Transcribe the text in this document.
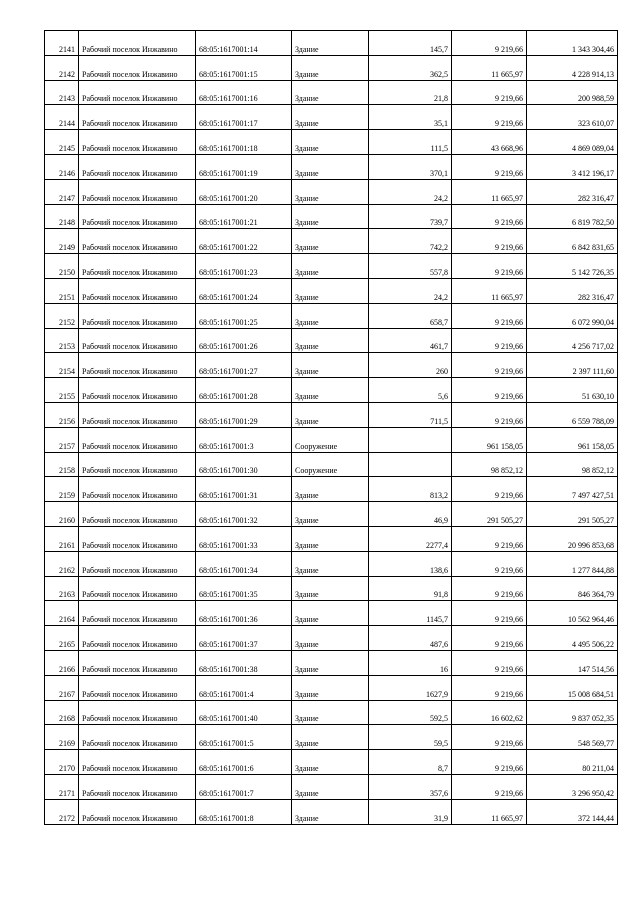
2141	Рабочий поселок Инжавино	68:05:1617001:14	Здание	145,7	9 219,66	1 343 304,46
2142	Рабочий поселок Инжавино	68:05:1617001:15	Здание	362,5	11 665,97	4 228 914,13
2143	Рабочий поселок Инжавино	68:05:1617001:16	Здание	21,8	9 219,66	200 988,59
2144	Рабочий поселок Инжавино	68:05:1617001:17	Здание	35,1	9 219,66	323 610,07
2145	Рабочий поселок Инжавино	68:05:1617001:18	Здание	111,5	43 668,96	4 869 089,04
2146	Рабочий поселок Инжавино	68:05:1617001:19	Здание	370,1	9 219,66	3 412 196,17
2147	Рабочий поселок Инжавино	68:05:1617001:20	Здание	24,2	11 665,97	282 316,47
2148	Рабочий поселок Инжавино	68:05:1617001:21	Здание	739,7	9 219,66	6 819 782,50
2149	Рабочий поселок Инжавино	68:05:1617001:22	Здание	742,2	9 219,66	6 842 831,65
2150	Рабочий поселок Инжавино	68:05:1617001:23	Здание	557,8	9 219,66	5 142 726,35
2151	Рабочий поселок Инжавино	68:05:1617001:24	Здание	24,2	11 665,97	282 316,47
2152	Рабочий поселок Инжавино	68:05:1617001:25	Здание	658,7	9 219,66	6 072 990,04
2153	Рабочий поселок Инжавино	68:05:1617001:26	Здание	461,7	9 219,66	4 256 717,02
2154	Рабочий поселок Инжавино	68:05:1617001:27	Здание	260	9 219,66	2 397 111,60
2155	Рабочий поселок Инжавино	68:05:1617001:28	Здание	5,6	9 219,66	51 630,10
2156	Рабочий поселок Инжавино	68:05:1617001:29	Здание	711,5	9 219,66	6 559 788,09
2157	Рабочий поселок Инжавино	68:05:1617001:3	Сооружение		961 158,05	961 158,05
2158	Рабочий поселок Инжавино	68:05:1617001:30	Сооружение		98 852,12	98 852,12
2159	Рабочий поселок Инжавино	68:05:1617001:31	Здание	813,2	9 219,66	7 497 427,51
2160	Рабочий поселок Инжавино	68:05:1617001:32	Здание	46,9	291 505,27	291 505,27
2161	Рабочий поселок Инжавино	68:05:1617001:33	Здание	2277,4	9 219,66	20 996 853,68
2162	Рабочий поселок Инжавино	68:05:1617001:34	Здание	138,6	9 219,66	1 277 844,88
2163	Рабочий поселок Инжавино	68:05:1617001:35	Здание	91,8	9 219,66	846 364,79
2164	Рабочий поселок Инжавино	68:05:1617001:36	Здание	1145,7	9 219,66	10 562 964,46
2165	Рабочий поселок Инжавино	68:05:1617001:37	Здание	487,6	9 219,66	4 495 506,22
2166	Рабочий поселок Инжавино	68:05:1617001:38	Здание	16	9 219,66	147 514,56
2167	Рабочий поселок Инжавино	68:05:1617001:4	Здание	1627,9	9 219,66	15 008 684,51
2168	Рабочий поселок Инжавино	68:05:1617001:40	Здание	592,5	16 602,62	9 837 052,35
2169	Рабочий поселок Инжавино	68:05:1617001:5	Здание	59,5	9 219,66	548 569,77
2170	Рабочий поселок Инжавино	68:05:1617001:6	Здание	8,7	9 219,66	80 211,04
2171	Рабочий поселок Инжавино	68:05:1617001:7	Здание	357,6	9 219,66	3 296 950,42
2172	Рабочий поселок Инжавино	68:05:1617001:8	Здание	31,9	11 665,97	372 144,44
